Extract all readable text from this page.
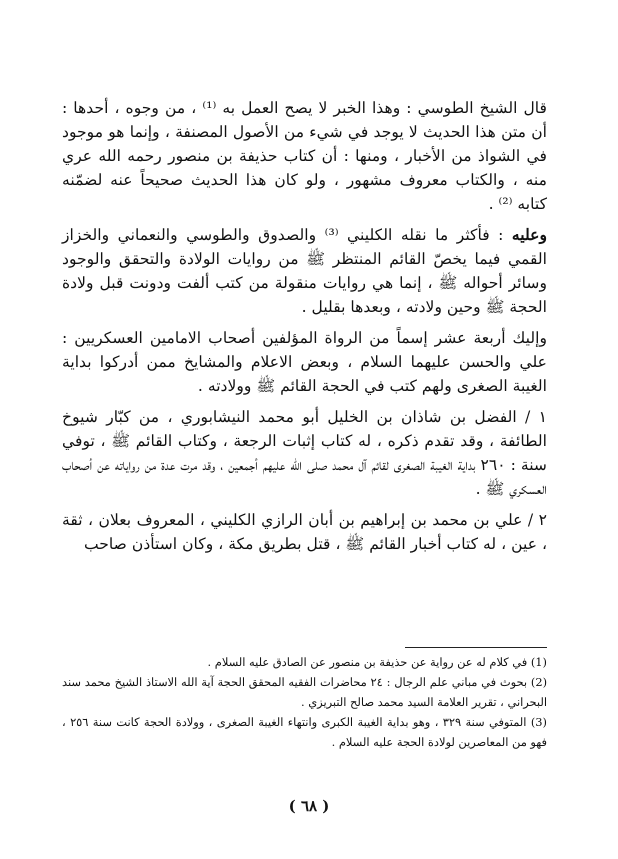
قال الشيخ الطوسي : وهذا الخبر لا يصح العمل به ⁽¹⁾ ، من وجوه ، أحدها : أن متن هذا الحديث لا يوجد في شيء من الأصول المصنفة ، وإنما هو موجود في الشواذ من الأخبار ، ومنها : أن كتاب حذيفة بن منصور رحمه الله عري منه ، والكتاب معروف مشهور ، ولو كان هذا الحديث صحيحاً عنه لضمّنه كتابه ⁽²⁾ .

وعليه : فأكثر ما نقله الكليني ⁽³⁾ والصدوق والطوسي والنعماني والخزاز القمي فيما يخصّ القائم المنتظر ﷺ من روايات الولادة والتحقق والوجود وسائر أحواله ﷺ ، إنما هي روايات منقولة من كتب ألفت ودونت قبل ولادة الحجة ﷺ وحين ولادته ، وبعدها بقليل .

وإليك أربعة عشر إسماً من الرواة المؤلفين أصحاب الامامين العسكريين : علي والحسن عليهما السلام ، وبعض الاعلام والمشايخ ممن أدركوا بداية الغيبة الصغرى ولهم كتب في الحجة القائم ﷺ وولادته .

١ / الفضل بن شاذان بن الخليل أبو محمد النيشابوري ، من كبّار شيوخ الطائفة ، وقد تقدم ذكره ، له كتاب إثبات الرجعة ، وكتاب القائم ﷺ ، توفي سنة : ٢٦٠ بداية الغيبة الصغرى لقائم آل محمد صلى الله عليهم أجمعين ، وقد مرت عدة من رواياته عن أصحاب العسكري ﷺ .

٢ / علي بن محمد بن إبراهيم بن أبان الرازي الكليني ، المعروف بعلان ، ثقة ، عين ، له كتاب أخبار القائم ﷺ ، قتل بطريق مكة ، وكان استأذن صاحب

(1) في كلام له عن رواية عن حذيفة بن منصور عن الصادق عليه السلام .

(2) بحوث في مباني علم الرجال : ٢٤ محاضرات الفقيه المحقق الحجة آية الله الاستاذ الشيخ محمد سند البحراني ، تقرير العلامة السيد محمد صالح التبريزي .

(3) المتوفي سنة ٣٢٩ ، وهو بداية الغيبة الكبرى وانتهاء الغيبة الصغرى ، وولادة الحجة كانت سنة ٢٥٦ ، فهو من المعاصرين لولادة الحجة عليه السلام .

( ٦٨ )
